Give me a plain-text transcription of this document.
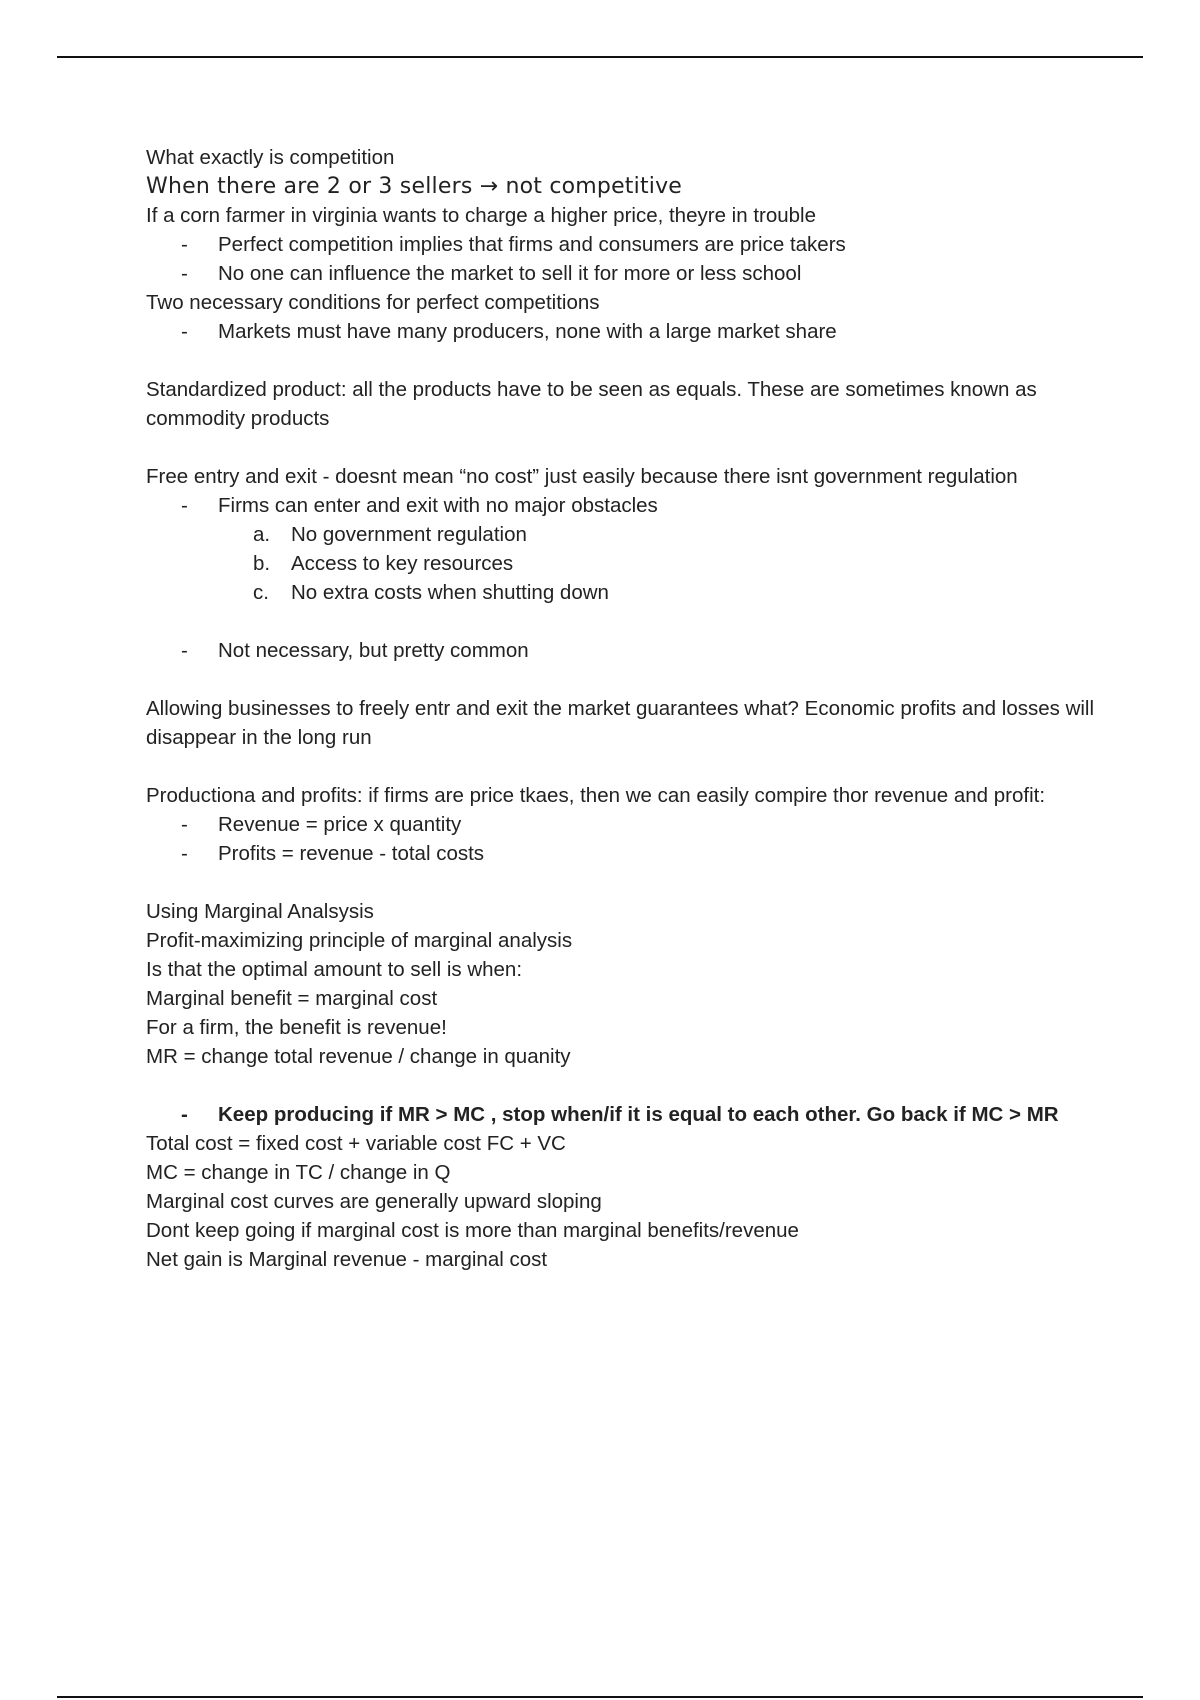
What exactly is competition

When there are 2 or 3 sellers → not competitive

If a corn farmer in virginia wants to charge a higher price, theyre in trouble

- Perfect competition implies that firms and consumers are price takers
- No one can influence the market to sell it for more or less school

Two necessary conditions for perfect competitions

- Markets must have many producers, none with a large market share

Standardized product: all the products have to be seen as equals. These are sometimes known as commodity products

Free entry and exit - doesnt mean “no cost” just easily because there isnt government regulation

- Firms can enter and exit with no major obstacles
a. No government regulation
b. Access to key resources
c. No extra costs when shutting down
- Not necessary, but pretty common

Allowing businesses to freely entr and exit the market guarantees what? Economic profits and losses will disappear in the long run

Productiona and profits: if firms are price tkaes, then we can easily compire thor revenue and profit:

- Revenue = price x quantity
- Profits = revenue - total costs

Using Marginal Analsysis

Profit-maximizing principle of marginal analysis

Is that the optimal amount to sell is when:

Marginal benefit = marginal cost

For a firm, the benefit is revenue!

MR = change total revenue / change in quanity

- Keep producing if MR > MC , stop when/if it is equal to each other. Go back if MC > MR

Total cost = fixed cost + variable cost FC + VC

MC = change in TC / change in Q

Marginal cost curves are generally upward sloping

Dont keep going if marginal cost is more than marginal benefits/revenue

Net gain is Marginal revenue - marginal cost
